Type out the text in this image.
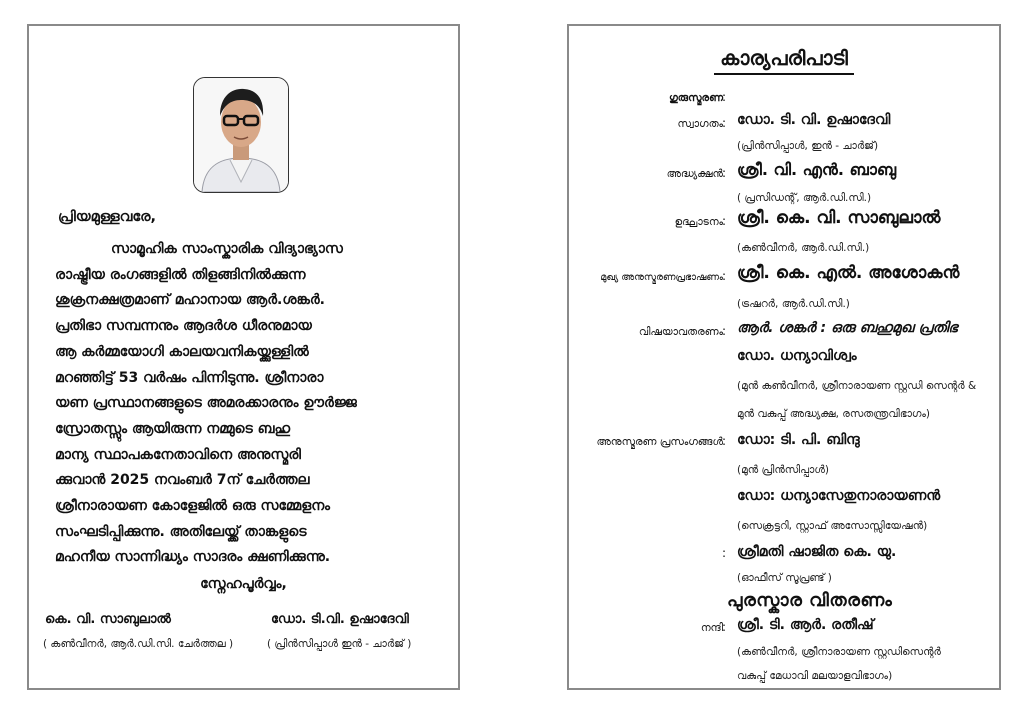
പ്രിയമുള്ളവരേ,
സാമൂഹിക സാംസ്കാരിക വിദ്യാഭ്യാസ
രാഷ്ട്രീയ രംഗങ്ങളിൽ തിളങ്ങിനിൽക്കുന്ന
ശുക്രനക്ഷത്രമാണ് മഹാനായ ആർ.ശങ്കർ.
പ്രതിഭാ സമ്പന്നനും ആദർശ ധീരനുമായ
ആ കർമ്മയോഗി കാലയവനികയ്ക്കുള്ളിൽ
മറഞ്ഞിട്ട് 53 വർഷം പിന്നിടുന്നു. ശ്രീനാരാ
യണ പ്രസ്ഥാനങ്ങളുടെ അമരക്കാരനും ഊർജ്ജ
സ്രോതസ്സും ആയിരുന്ന നമ്മുടെ ബഹു
മാന്യ സ്ഥാപകനേതാവിനെ അനുസ്മരി
ക്കുവാൻ 2025 നവംബർ 7ന് ചേർത്തല
ശ്രീനാരായണ കോളേജിൽ ഒരു സമ്മേളനം
സംഘടിപ്പിക്കുന്നു. അതിലേയ്ക്ക് താങ്കളുടെ
മഹനീയ സാന്നിദ്ധ്യം സാദരം ക്ഷണിക്കുന്നു.
സ്നേഹപൂർവ്വം,
കെ. വി. സാബുലാൽ
( കൺവീനർ, ആർ.ഡി.സി. ചേർത്തല )
ഡോ. ടി.വി. ഉഷാദേവി
( പ്രിൻസിപ്പാൾ ഇൻ - ചാർജ് )
കാര്യപരിപാടി
ഗുരുസ്മരണ :
സ്വാഗതം : ഡോ. ടി. വി. ഉഷാദേവി
(പ്രിൻസിപ്പാൾ, ഇൻ - ചാർജ്)
അദ്ധ്യക്ഷൻ : ശ്രീ. വി. എൻ. ബാബു
( പ്രസിഡന്റ്, ആർ.ഡി.സി.)
ഉദ്ഘാടനം : ശ്രീ. കെ. വി. സാബുലാൽ
(കൺവീനർ, ആർ.ഡി.സി.)
മുഖ്യ അനുസ്മരണപ്രഭാഷണം : ശ്രീ. കെ. എൽ. അശോകൻ
(ട്രഷറർ, ആർ.ഡി.സി.)
വിഷയാവതരണം : ആർ. ശങ്കർ : ഒരു ബഹുമുഖ പ്രതിഭ
ഡോ. ധന്യാവിശ്വം
(മുൻ കൺവീനർ, ശ്രീനാരായണ സ്റ്റഡി സെന്റർ &
മുൻ വകുപ്പ് അദ്ധ്യക്ഷ, രസതന്ത്രവിഭാഗം)
അനുസ്മരണ പ്രസംഗങ്ങൾ : ഡോ: ടി. പി. ബിന്ദു
(മുൻ പ്രിൻസിപ്പാൾ)
ഡോ: ധന്യാസേതുനാരായണൻ
(സെക്രട്ടറി, സ്റ്റാഫ് അസോസ്സിയേഷൻ)
: ശ്രീമതി ഷാജിത കെ. യു.
(ഓഫീസ് സൂപ്രണ്ട് )
പുരസ്കാര വിതരണം
നന്ദി : ശ്രീ. ടി. ആർ. രതീഷ്
(കൺവീനർ, ശ്രീനാരായണ സ്റ്റഡിസെന്റർ
വകുപ്പ് മേധാവി മലയാളവിഭാഗം)
